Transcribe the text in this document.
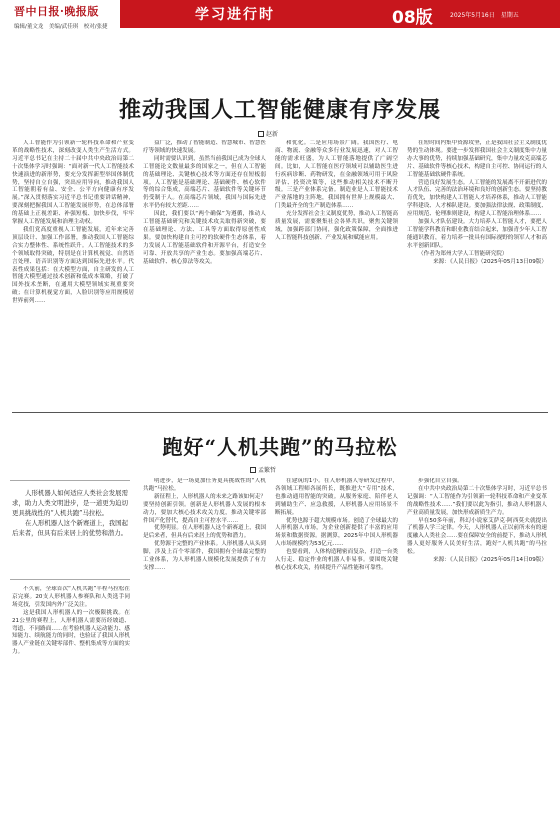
晋中日报·晚报版
编辑/董文龙　美编/武佳琪　校对/张捷
学习进行时	08版	2025年5月16日　星期五
推动我国人工智能健康有序发展
赵新

人工智能作为引领新一轮科技革命和产业变革的战略性技术，深刻改变人类生产生活方式。习近平总书记在主持二十届中共中央政治局第二十次集体学习时强调：“面对新一代人工智能技术快速演进的新形势，要充分发挥新型举国体制优势，坚持自立自强，突出应用导向，推动我国人工智能朝着有益、安全、公平方向健康有序发展。”深入贯彻落实习近平总书记重要讲话精神，要深刻把握我国人工智能发展形势，在总体部署的基础上正视差距、补强短板、加快步伐，牢牢掌握人工智能发展和治理主动权。

我们党高度重视人工智能发展，近年来完善顶层设计、加强工作部署，推动我国人工智能综合实力整体性、系统性跃升。人工智能技术的多个领域取得突破，特别是在计算机视觉、自然语言处理、语音识别等方面达到国际先进水平。代表性成果包括：在大模型方面，自主研发的人工智能大模型通过技术创新和低成本策略，打破了国外技术垄断，在通用大模型领域实现重要突破；在计算机视觉方面，人脸识别等应用规模居世界前列……

益广泛，推动了智能制造、智慧城市、智慧医疗等领域的快速发展。

同时需要认识到，虽然当前我国已成为全球人工智能论文数量最多的国家之一，但在人工智能的基础理论、关键核心技术等方面还存在短板弱项。人工智能是基础理论、基础硬件、核心软件等的综合集成，高端芯片、基础软件等关键环节仍受制于人。在高端芯片领域，我国与国际先进水平仍有较大差距……

因此，我们要以“两个确保”为遵循，推动人工智能基础研究和关键技术攻关取得新突破，要在基础理论、方法、工具等方面取得原创性成果。要加快构建自主可控的软硬件生态体系，着力发展人工智能基础软件和开源平台，打造安全可靠、开放共享的产业生态。要加强高端芯片、基础软件、核心算法等攻关。

和优化。二是应用场景广阔。我国医疗、电商、物流、金融等众多行业发展迅速，对人工智能的需求旺盛，为人工智能落地提供了广阔空间。比如，人工智能在医疗领域可以辅助医生进行疾病诊断、药物研发，在金融领域可用于风险评估、投资决策等，这些推动相关技术不断升级。三是产业体系完备。制造业是人工智能技术产业落地的主阵地，我国拥有世界上规模最大、门类最齐全的生产制造体系……

充分发挥社会主义制度优势，推动人工智能高质量发展，需要聚集社会各界共识，聚焦关键领域，加强跨部门协同，强化政策保障，全面推进人工智能科技创新、产业发展和赋能应用。

在短时间内集中资源攻坚，正是我国社会主义制度优势的生动体现。要进一步发挥我国社会主义制度集中力量办大事的优势，持续加强基础研究，集中力量攻克高端芯片、基础软件等核心技术，构建自主可控、协同运行的人工智能基础软硬件系统。

营造良好发展生态。人工智能的发展离不开新进代的人才队伍、完善的法治环境和良好的创新生态。要坚持教育优先，加快构建人工智能人才培养体系，推动人工智能学科建设、人才梯队建设。要加强法律法规、政策制度、应用规范、伦理准则建设，构建人工智能治理体系……

加强人才队伍建设。大力培养人工智能人才，要把人工智能学科教育和职业教育结合起来，加强青少年人工智能通识教育，着力培养一批具有国际视野的领军人才和高水平创新团队。

（作者为郑州大学人工智能研究院）

来源：《人民日报》（2025年05月13日09版）

跑好“人机共跑”的马拉松
孟繁哲

人形机器人如何适应人类社会发展需求，助力人类文明进步，是一道更为迫切更具挑战性的“人机共跑”马拉松。

在人形机器人这个新赛道上，我国起后来者，但具有后来居上的优势和潜力。

不久前，全球首次“人机共跑”半程马拉松在京完赛。20支人形机器人参赛队和人类选手同场竞技，引发国内外广泛关注。

这是我国人形机器人的一次极限挑战。在21公里的赛程上，人形机器人需要历经坡道、弯道、不同路面……在考验机器人运动能力、感知能力、续航能力的同时，也验证了我国人形机器人产业链在关键零部件、整机集成等方面的实力。

明进步，是一场更加任务更具挑战性的“人机共跑”马拉松。

新征程上，人形机器人的未来之路该如何走？要坚持创新引领。创新是人形机器人发展的根本动力，要加大核心技术攻关力度，推动关键零部件国产化替代，提高自主可控水平……

优势明显。在人形机器人这个新赛道上，我国是后来者，但具有后来居上的优势和潜力。

优势源于完整的产业体系。人形机器人从头到脚，涉及上百个零部件，我国拥有全球最完整的工业体系，为人形机器人规模化发展提供了有力支撑……

在建筑的1小。在人形机器人等研发过程中，各领域工程师各展所长，既推进大“专用”技术，也推动通用智能的突破。从服务家庭、陪伴老人到辅助生产、应急救援，人形机器人应用场景不断拓展。

优势也源于超大规模市场。创造了全球最大的人形机器人市场，为企业创新提供了丰富的应用场景和数据资源。据测算，2025年中国人形机器人市场规模约为53亿元……

也要看到，人体构造精密而复杂，打造一台类人行走、稳定作业的机器人非易事。要围绕关键核心技术攻关，持续提升产品性能和可靠性。

步强化自立自强。

在中共中央政治局第二十次集体学习时，习近平总书记强调：“人工智能作为引领新一轮科技革命和产业变革的战略性技术……”我们要以此为指引，推动人形机器人产业高质量发展，加快形成新质生产力。

早在50多年前，科幻小说家艾萨克·阿西莫夫就提出了机器人学三定律。今天，人形机器人正以前所未有的速度融入人类社会……要在保障安全的前提下，推动人形机器人更好服务人民美好生活，跑好“人机共跑”的马拉松。

来源：《人民日报》（2025年05月14日09版）
